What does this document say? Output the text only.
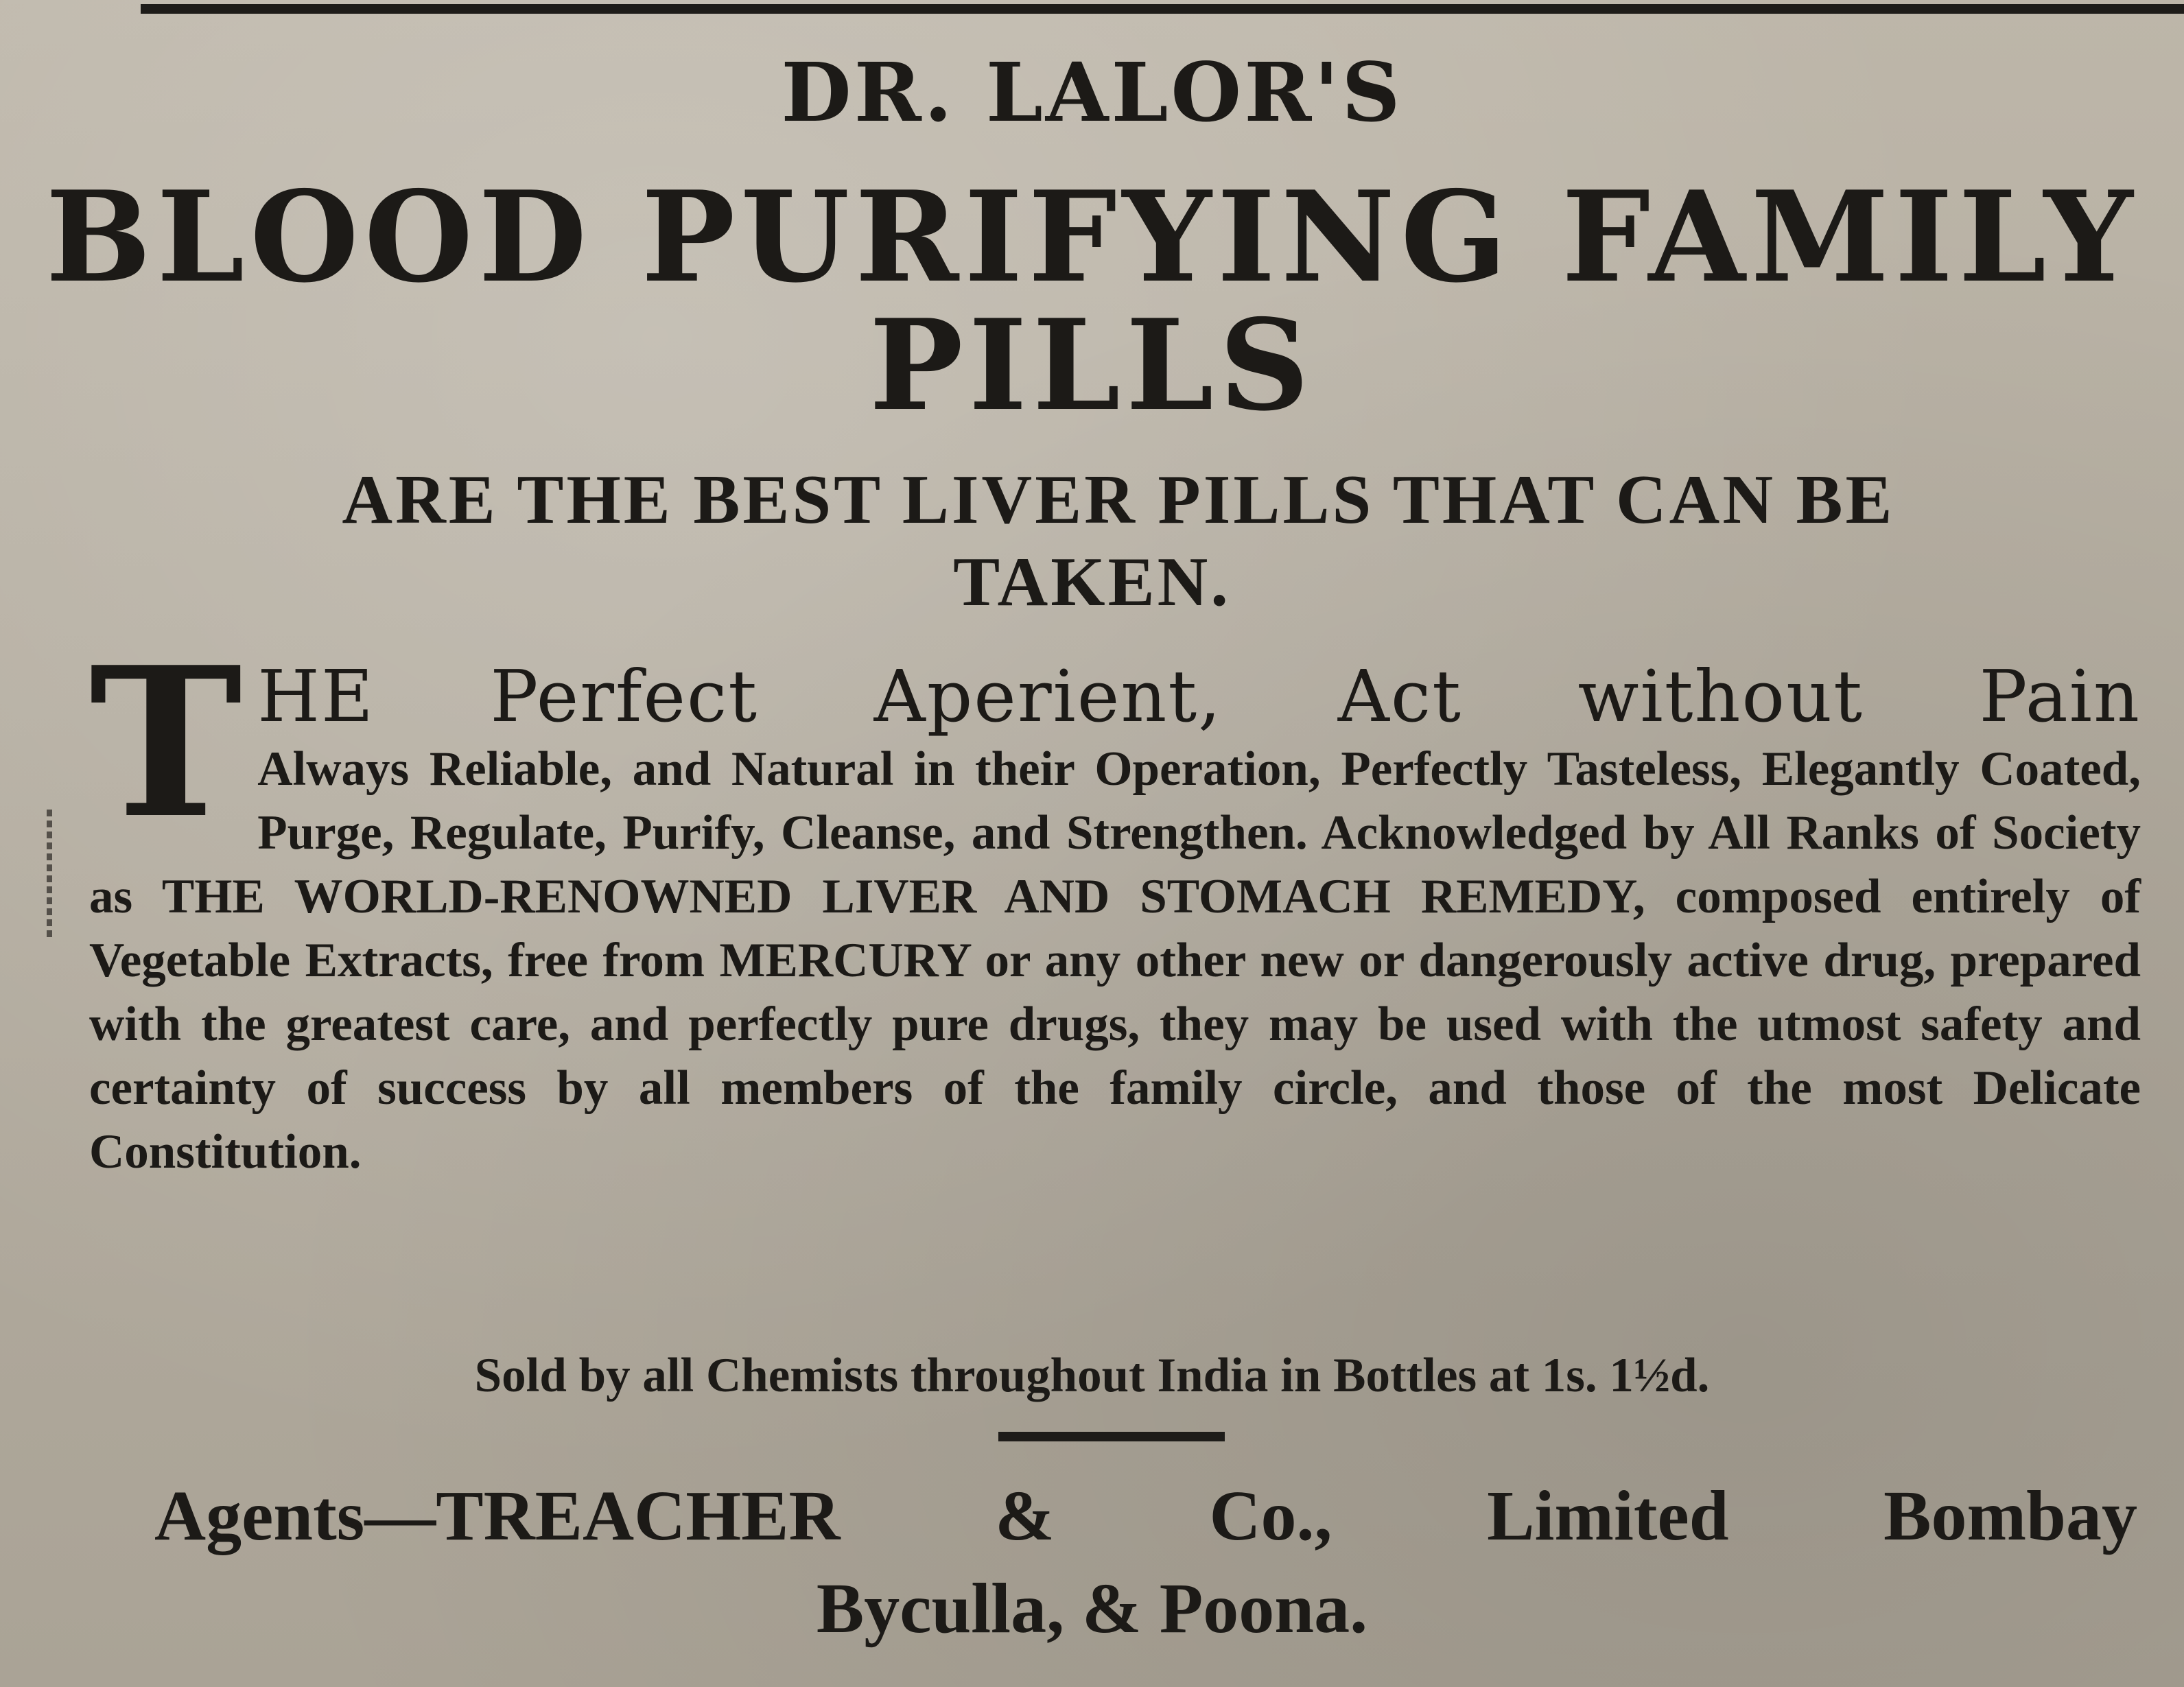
DR. LALOR'S
BLOOD PURIFYING FAMILY
PILLS
ARE THE BEST LIVER PILLS THAT CAN BE
TAKEN.
T HE Perfect Aperient, Act without Pain
Always Reliable, and Natural in their Operation, Perfectly Tasteless, Elegantly Coated, Purge, Regulate, Purify, Cleanse, and Strengthen. Acknowledged by All Ranks of Society as THE WORLD-RENOWNED LIVER AND STOMACH REMEDY, composed entirely of Vegetable Extracts, free from MERCURY or any other new or dangerously active drug, prepared with the greatest care, and perfectly pure drugs, they may be used with the utmost safety and certainty of success by all members of the family circle, and those of the most Delicate Constitution.
Sold by all Chemists throughout India in Bottles at 1s. 1½d.
Agents—TREACHER & Co., Limited Bombay
Byculla, & Poona.
